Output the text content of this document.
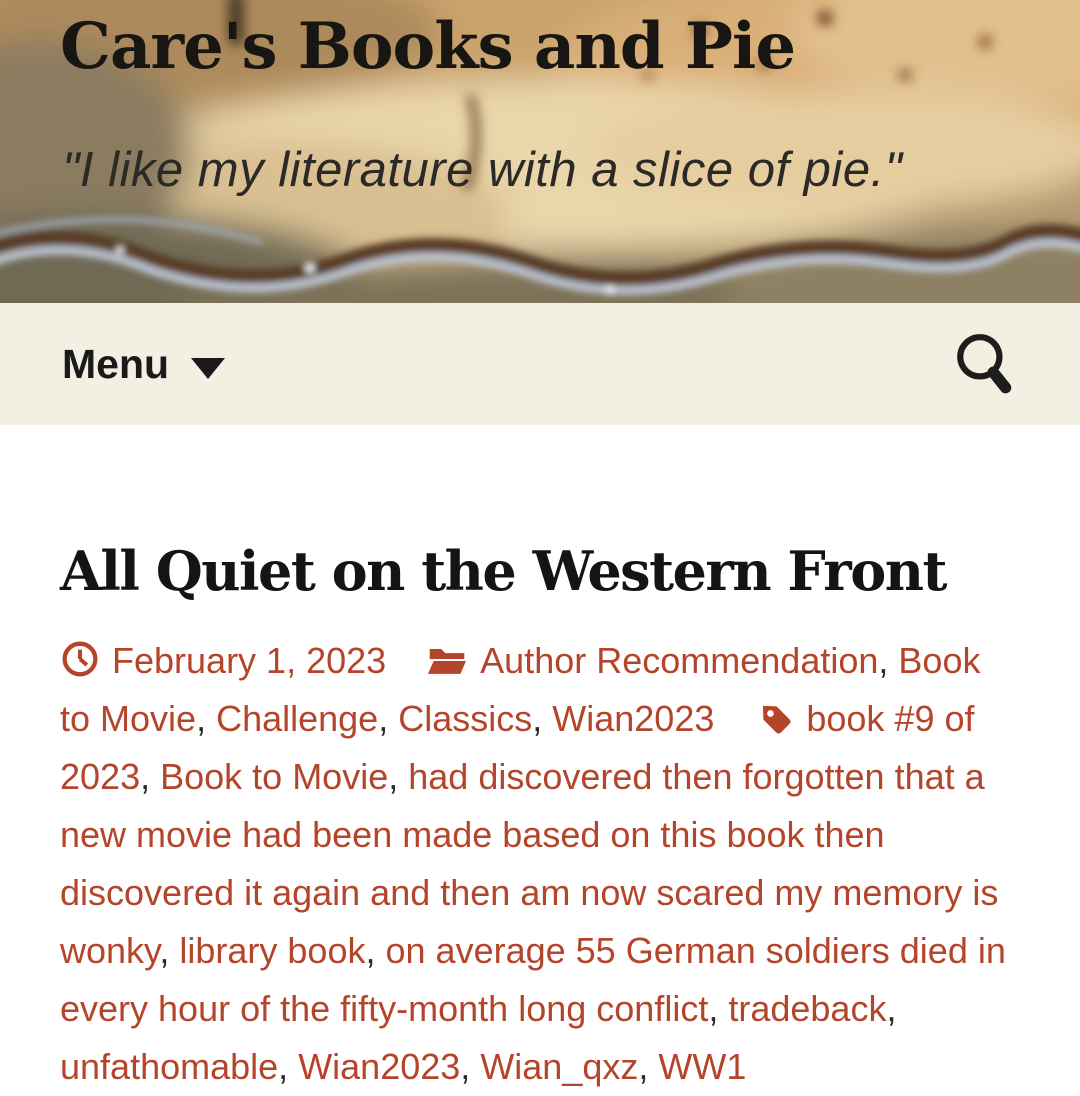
Care's Books and Pie

"I like my literature with a slice of pie."

Menu
All Quiet on the Western Front

February 1, 2023	Author Recommendation, Book to Movie, Challenge, Classics, Wian2023	book #9 of 2023, Book to Movie, had discovered then forgotten that a new movie had been made based on this book then discovered it again and then am now scared my memory is wonky, library book, on average 55 German soldiers died in every hour of the fifty-month long conflict, tradeback, unfathomable, Wian2023, Wian_qxz, WW1
